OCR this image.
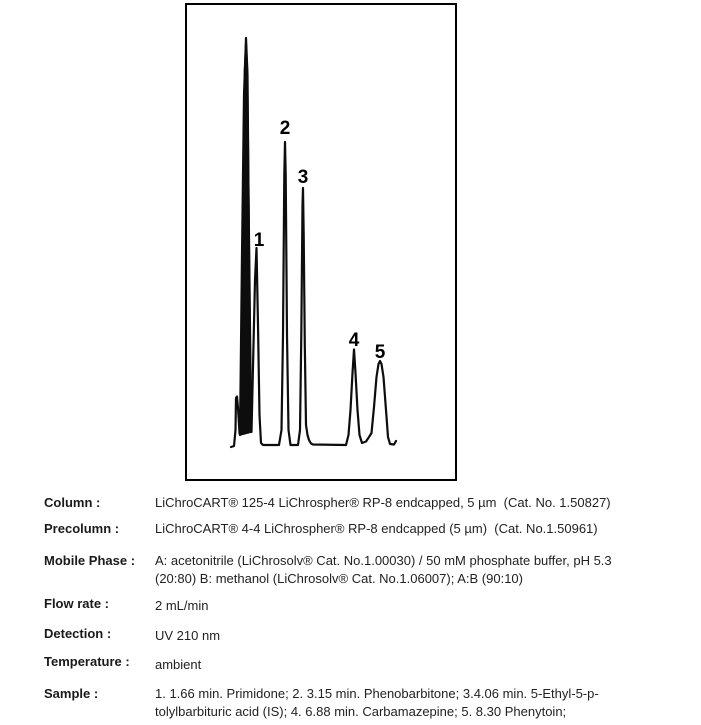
1
2
3
4
5
Column :	LiChroCART® 125-4 LiChrospher® RP-8 endcapped, 5 µm  (Cat. No. 1.50827)
Precolumn :	LiChroCART® 4-4 LiChrospher® RP-8 endcapped (5 µm)  (Cat. No.1.50961)
Mobile Phase :	A: acetonitrile (LiChrosolv® Cat. No.1.00030) / 50 mM phosphate buffer, pH 5.3
(20:80) B: methanol (LiChrosolv® Cat. No.1.06007); A:B (90:10)
Flow rate :	2 mL/min
Detection :	UV 210 nm
Temperature :	ambient
Sample :	1. 1.66 min. Primidone; 2. 3.15 min. Phenobarbitone; 3.4.06 min. 5-Ethyl-5-p-
tolylbarbituric acid (IS); 4. 6.88 min. Carbamazepine; 5. 8.30 Phenytoin;
